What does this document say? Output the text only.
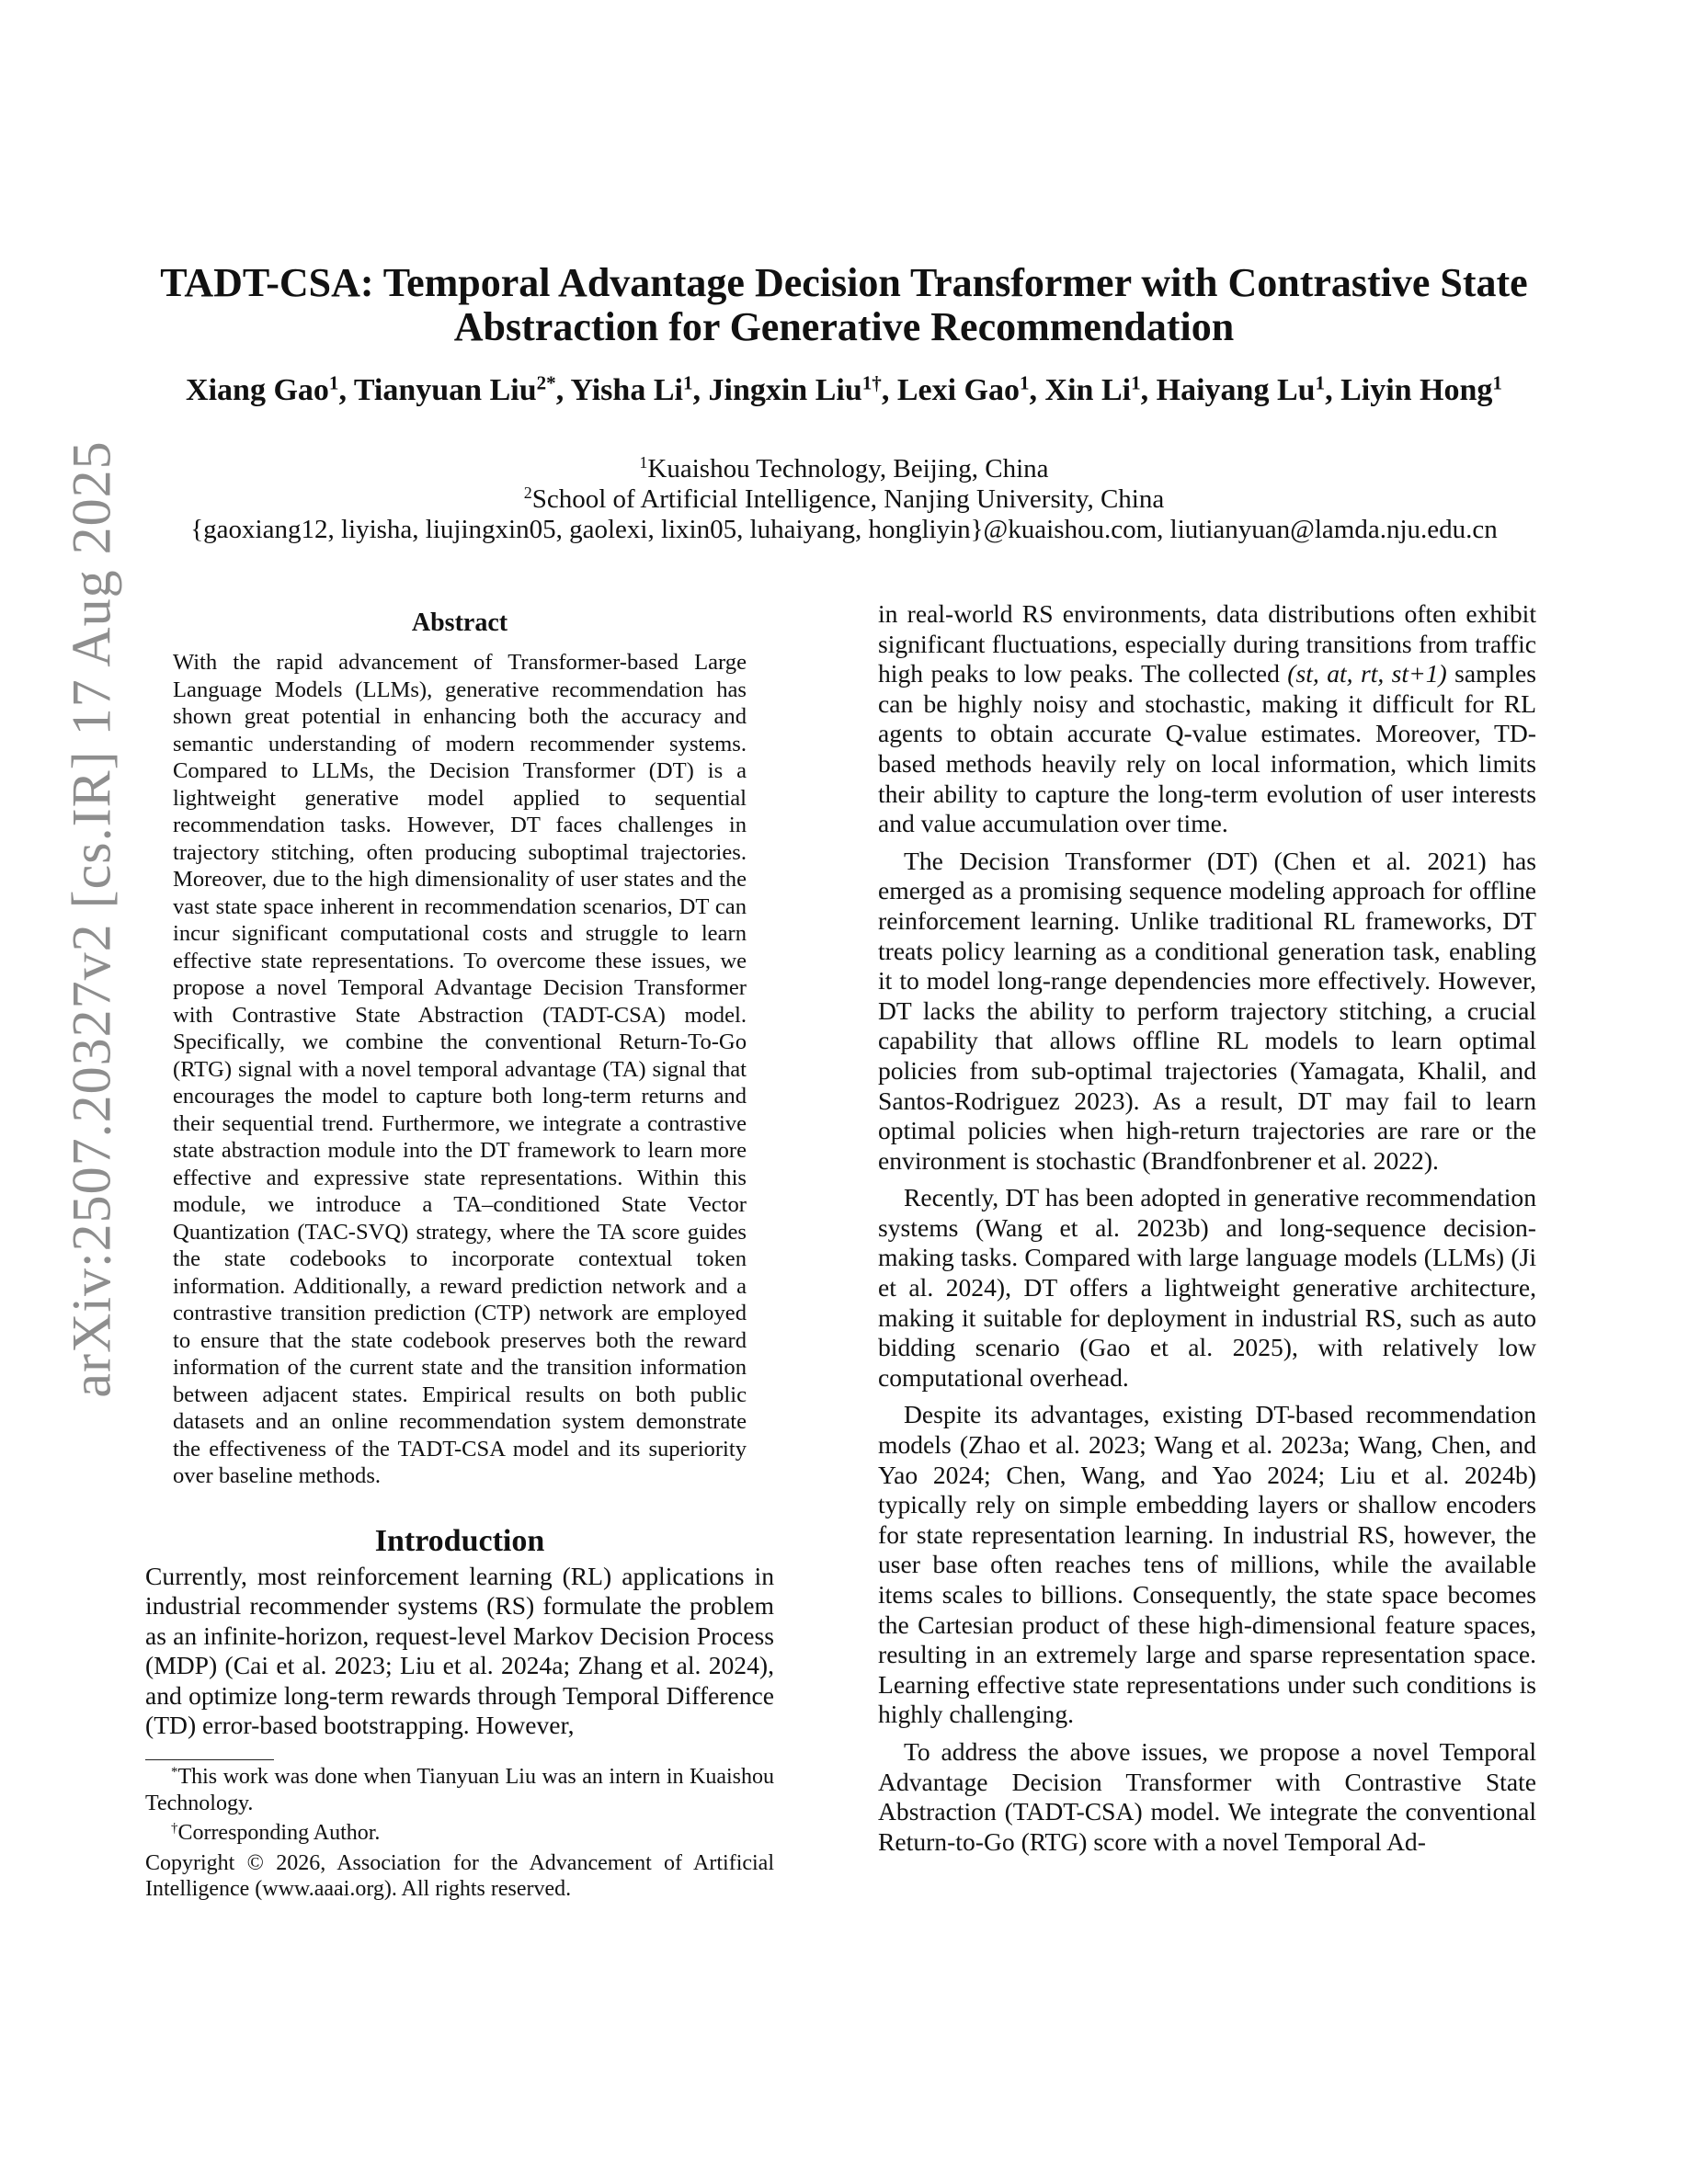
arXiv:2507.20327v2 [cs.IR] 17 Aug 2025
TADT-CSA: Temporal Advantage Decision Transformer with Contrastive State Abstraction for Generative Recommendation
Xiang Gao$^1$, Tianyuan Liu$^{2*}$, Yisha Li$^1$, Jingxin Liu$^{1\dagger}$, Lexi Gao$^1$, Xin Li$^1$, Haiyang Lu$^1$, Liyin Hong$^1$
$^1$Kuaishou Technology, Beijing, China
$^2$School of Artificial Intelligence, Nanjing University, China
{gaoxiang12, liyisha, liujingxin05, gaolexi, lixin05, luhaiyang, hongliyin}@kuaishou.com, liutianyuan@lamda.nju.edu.cn
Abstract

With the rapid advancement of Transformer-based Large Language Models (LLMs), generative recommendation has shown great potential in enhancing both the accuracy and semantic understanding of modern recommender systems. Compared to LLMs, the Decision Transformer (DT) is a lightweight generative model applied to sequential recommendation tasks. However, DT faces challenges in trajectory stitching, often producing suboptimal trajectories. Moreover, due to the high dimensionality of user states and the vast state space inherent in recommendation scenarios, DT can incur significant computational costs and struggle to learn effective state representations. To overcome these issues, we propose a novel Temporal Advantage Decision Transformer with Contrastive State Abstraction (TADT-CSA) model. Specifically, we combine the conventional Return-To-Go (RTG) signal with a novel temporal advantage (TA) signal that encourages the model to capture both long-term returns and their sequential trend. Furthermore, we integrate a contrastive state abstraction module into the DT framework to learn more effective and expressive state representations. Within this module, we introduce a TA–conditioned State Vector Quantization (TAC-SVQ) strategy, where the TA score guides the state codebooks to incorporate contextual token information. Additionally, a reward prediction network and a contrastive transition prediction (CTP) network are employed to ensure that the state codebook preserves both the reward information of the current state and the transition information between adjacent states. Empirical results on both public datasets and an online recommendation system demonstrate the effectiveness of the TADT-CSA model and its superiority over baseline methods.

Introduction

Currently, most reinforcement learning (RL) applications in industrial recommender systems (RS) formulate the problem as an infinite-horizon, request-level Markov Decision Process (MDP) (Cai et al. 2023; Liu et al. 2024a; Zhang et al. 2024), and optimize long-term rewards through Temporal Difference (TD) error-based bootstrapping. However,

*This work was done when Tianyuan Liu was an intern in Kuaishou Technology.

†Corresponding Author.

Copyright © 2026, Association for the Advancement of Artificial Intelligence (www.aaai.org). All rights reserved.

in real-world RS environments, data distributions often exhibit significant fluctuations, especially during transitions from traffic high peaks to low peaks. The collected (st, at, rt, st+1) samples can be highly noisy and stochastic, making it difficult for RL agents to obtain accurate Q-value estimates. Moreover, TD-based methods heavily rely on local information, which limits their ability to capture the long-term evolution of user interests and value accumulation over time.

The Decision Transformer (DT) (Chen et al. 2021) has emerged as a promising sequence modeling approach for offline reinforcement learning. Unlike traditional RL frameworks, DT treats policy learning as a conditional generation task, enabling it to model long-range dependencies more effectively. However, DT lacks the ability to perform trajectory stitching, a crucial capability that allows offline RL models to learn optimal policies from sub-optimal trajectories (Yamagata, Khalil, and Santos-Rodriguez 2023). As a result, DT may fail to learn optimal policies when high-return trajectories are rare or the environment is stochastic (Brandfonbrener et al. 2022).

Recently, DT has been adopted in generative recommendation systems (Wang et al. 2023b) and long-sequence decision-making tasks. Compared with large language models (LLMs) (Ji et al. 2024), DT offers a lightweight generative architecture, making it suitable for deployment in industrial RS, such as auto bidding scenario (Gao et al. 2025), with relatively low computational overhead.

Despite its advantages, existing DT-based recommendation models (Zhao et al. 2023; Wang et al. 2023a; Wang, Chen, and Yao 2024; Chen, Wang, and Yao 2024; Liu et al. 2024b) typically rely on simple embedding layers or shallow encoders for state representation learning. In industrial RS, however, the user base often reaches tens of millions, while the available items scales to billions. Consequently, the state space becomes the Cartesian product of these high-dimensional feature spaces, resulting in an extremely large and sparse representation space. Learning effective state representations under such conditions is highly challenging.

To address the above issues, we propose a novel Temporal Advantage Decision Transformer with Contrastive State Abstraction (TADT-CSA) model. We integrate the conventional Return-to-Go (RTG) score with a novel Temporal Ad-
